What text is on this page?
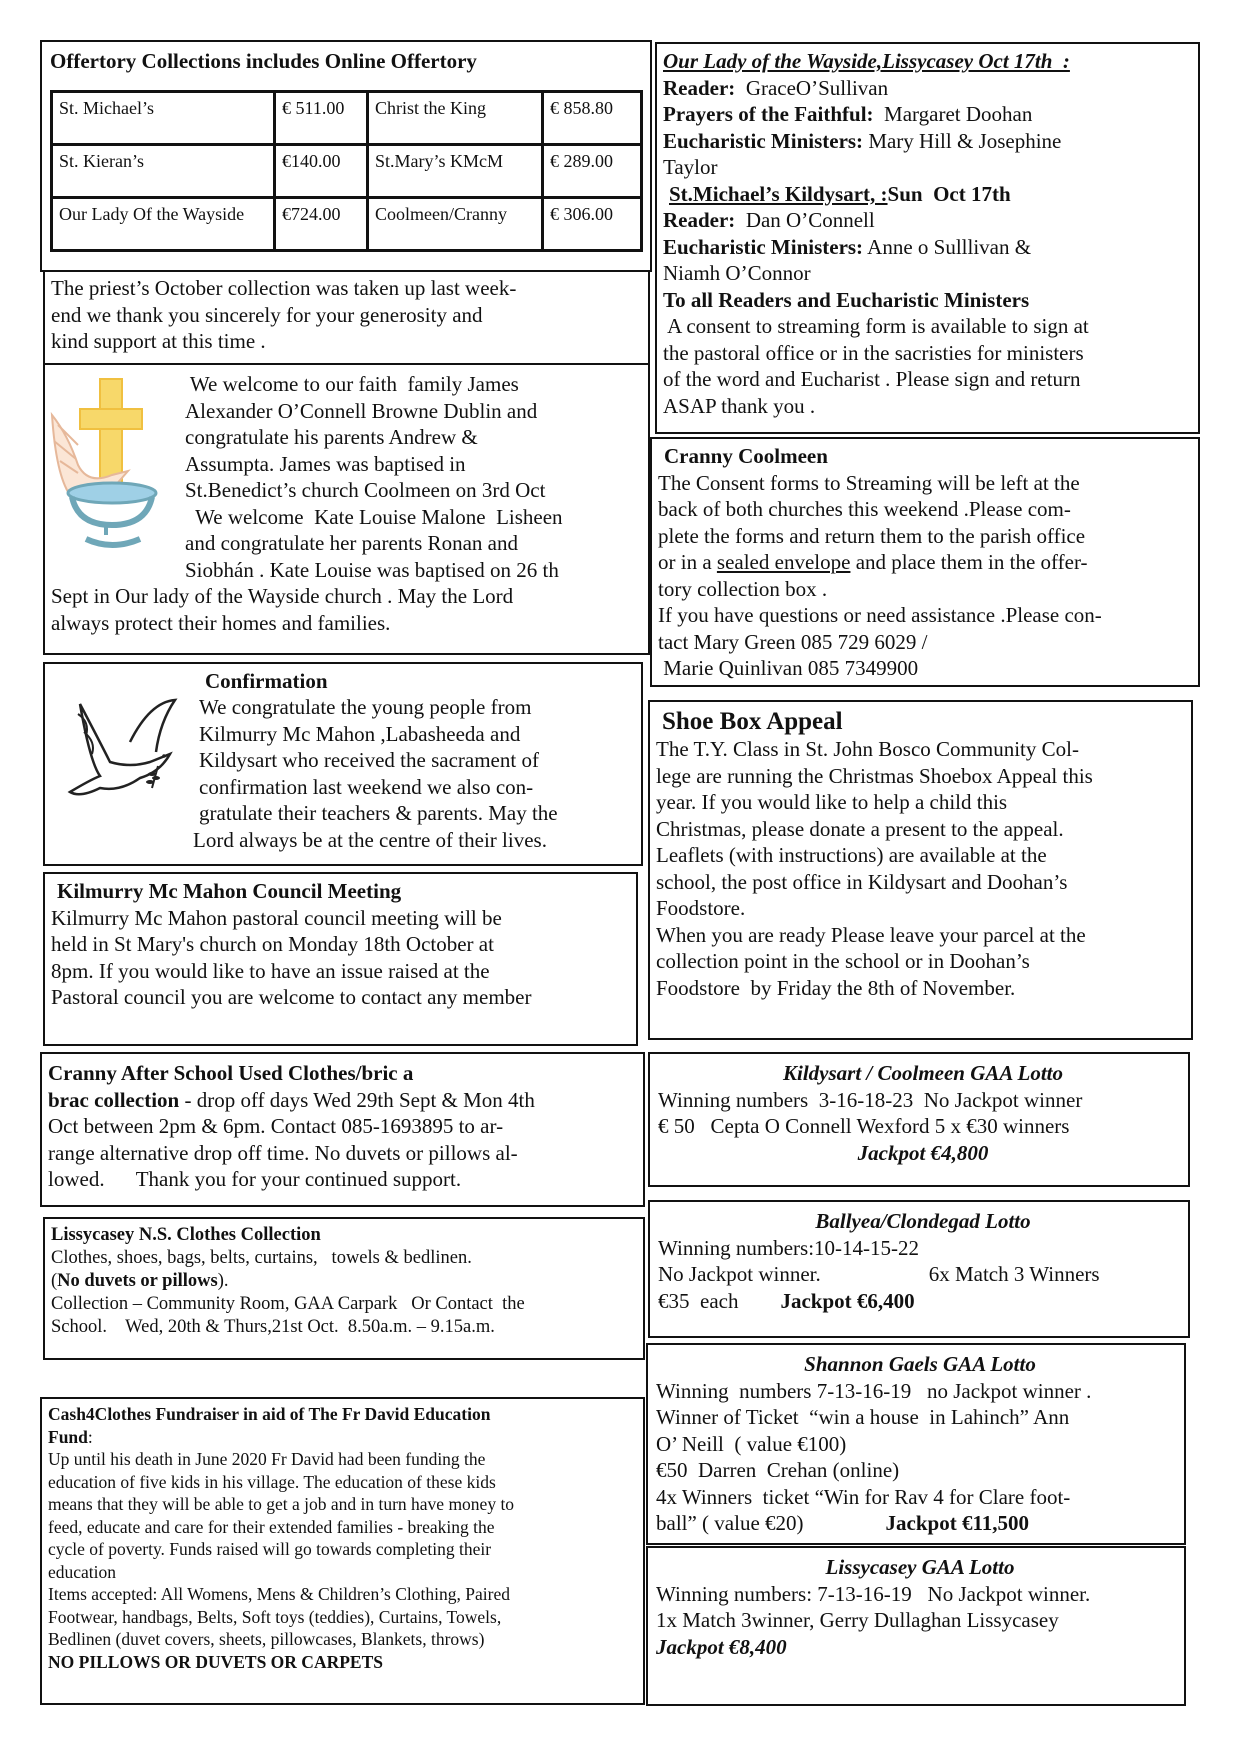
Offertory Collections includes Online Offertory
St. Michael’s	€ 511.00	Christ the King	€ 858.80
St. Kieran’s	€140.00	St.Mary’s KMcM	€ 289.00
Our Lady Of the Wayside	€724.00	Coolmeen/Cranny	€ 306.00
The priest’s October collection was taken up last week-
end we thank you sincerely for your generosity and
kind support at this time .
We welcome to our faith  family James
Alexander O’Connell Browne Dublin and
congratulate his parents Andrew &
Assumpta. James was baptised in
St.Benedict’s church Coolmeen on 3rd Oct
We welcome  Kate Louise Malone  Lisheen
and congratulate her parents Ronan and
Siobhán . Kate Louise was baptised on 26 th
Sept in Our lady of the Wayside church . May the Lord
always protect their homes and families.
Confirmation
We congratulate the young people from
Kilmurry Mc Mahon ,Labasheeda and
Kildysart who received the sacrament of
confirmation last weekend we also con-
gratulate their teachers & parents. May the
Lord always be at the centre of their lives.
Kilmurry Mc Mahon Council Meeting
Kilmurry Mc Mahon pastoral council meeting will be
held in St Mary's church on Monday 18th October at
8pm. If you would like to have an issue raised at the
Pastoral council you are welcome to contact any member
Cranny After School Used Clothes/bric a
brac collection - drop off days Wed 29th Sept & Mon 4th
Oct between 2pm & 6pm. Contact 085-1693895 to ar-
range alternative drop off time. No duvets or pillows al-
lowed.      Thank you for your continued support.
Lissycasey N.S. Clothes Collection
Clothes, shoes, bags, belts, curtains,   towels & bedlinen.
(No duvets or pillows).
Collection – Community Room, GAA Carpark   Or Contact  the
School.    Wed, 20th & Thurs,21st Oct.  8.50a.m. – 9.15a.m.
Cash4Clothes Fundraiser in aid of The Fr David Education
Fund:
Up until his death in June 2020 Fr David had been funding the
education of five kids in his village. The education of these kids
means that they will be able to get a job and in turn have money to
feed, educate and care for their extended families - breaking the
cycle of poverty. Funds raised will go towards completing their
education
Items accepted: All Womens, Mens & Children’s Clothing, Paired
Footwear, handbags, Belts, Soft toys (teddies), Curtains, Towels,
Bedlinen (duvet covers, sheets, pillowcases, Blankets, throws)
NO PILLOWS OR DUVETS OR CARPETS
Our Lady of the Wayside,Lissycasey Oct 17th  :
Reader:  GraceO’Sullivan
Prayers of the Faithful:  Margaret Doohan
Eucharistic Ministers: Mary Hill & Josephine
Taylor
St.Michael’s Kildysart, :Sun  Oct 17th
Reader:  Dan O’Connell
Eucharistic Ministers: Anne o Sulllivan &
Niamh O’Connor
To all Readers and Eucharistic Ministers
A consent to streaming form is available to sign at
the pastoral office or in the sacristies for ministers
of the word and Eucharist . Please sign and return
ASAP thank you .
Cranny Coolmeen
The Consent forms to Streaming will be left at the
back of both churches this weekend .Please com-
plete the forms and return them to the parish office
or in a sealed envelope and place them in the offer-
tory collection box .
If you have questions or need assistance .Please con-
tact Mary Green 085 729 6029 /
Marie Quinlivan 085 7349900
Shoe Box Appeal
The T.Y. Class in St. John Bosco Community Col-
lege are running the Christmas Shoebox Appeal this
year. If you would like to help a child this
Christmas, please donate a present to the appeal.
Leaflets (with instructions) are available at the
school, the post office in Kildysart and Doohan’s
Foodstore.
When you are ready Please leave your parcel at the
collection point in the school or in Doohan’s
Foodstore  by Friday the 8th of November.
Kildysart / Coolmeen GAA Lotto
Winning numbers  3-16-18-23  No Jackpot winner
€ 50   Cepta O Connell Wexford 5 x €30 winners
Jackpot €4,800
Ballyea/Clondegad Lotto
Winning numbers:10-14-15-22
No Jackpot winner.	6x Match 3 Winners
€35  each Jackpot €6,400
Shannon Gaels GAA Lotto
Winning  numbers 7-13-16-19   no Jackpot winner .
Winner of Ticket  “win a house  in Lahinch” Ann
O’ Neill  ( value €100)
€50  Darren  Crehan (online)
4x Winners  ticket “Win for Rav 4 for Clare foot-
ball” ( value €20)	Jackpot €11,500
Lissycasey GAA Lotto
Winning numbers: 7-13-16-19   No Jackpot winner.
1x Match 3winner, Gerry Dullaghan Lissycasey
Jackpot €8,400
